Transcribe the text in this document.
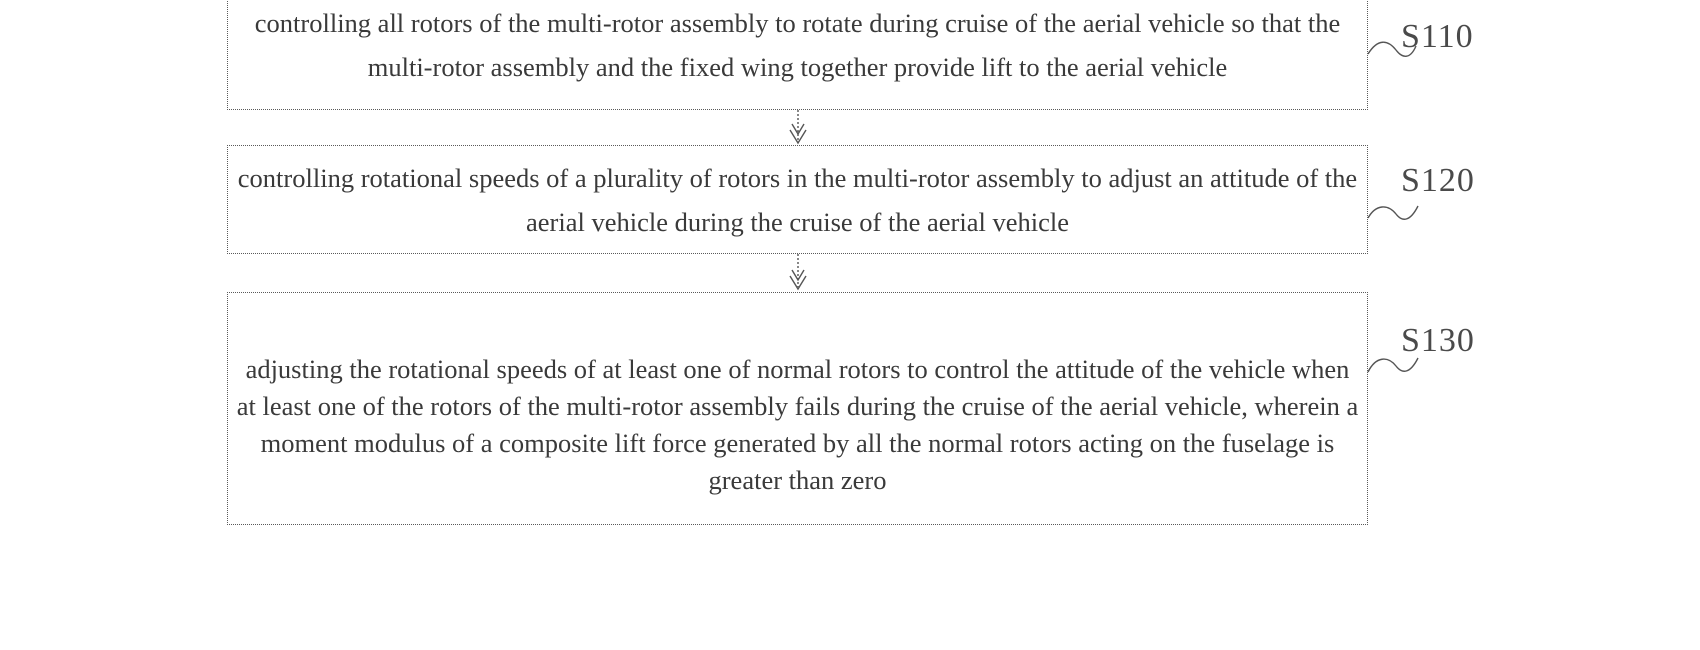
controlling all rotors of the multi-rotor assembly to rotate during cruise of the aerial vehicle so that the multi-rotor assembly and the fixed wing together provide lift to the aerial vehicle
controlling rotational speeds of a plurality of rotors in the multi-rotor assembly to adjust an attitude of the aerial vehicle during the cruise of the aerial vehicle
adjusting the rotational speeds of at least one of normal rotors to control the attitude of the vehicle when at least one of the rotors of the multi-rotor assembly fails during the cruise of the aerial vehicle, wherein a moment modulus of a composite lift force generated by all the normal rotors acting on the fuselage is greater than zero
S110
S120
S130
